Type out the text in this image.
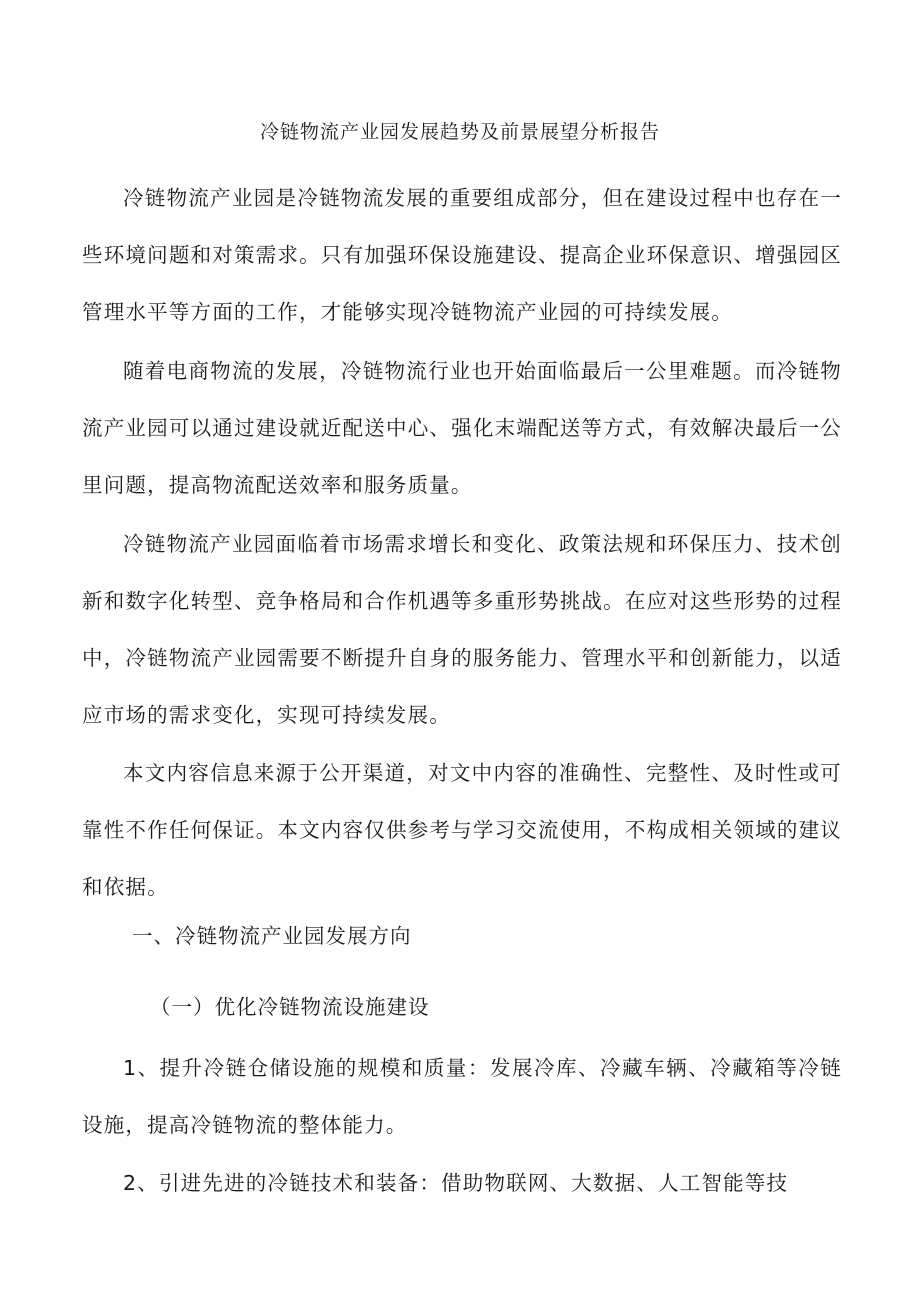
冷链物流产业园发展趋势及前景展望分析报告

冷链物流产业园是冷链物流发展的重要组成部分，但在建设过程中也存在一些环境问题和对策需求。只有加强环保设施建设、提高企业环保意识、增强园区管理水平等方面的工作，才能够实现冷链物流产业园的可持续发展。

随着电商物流的发展，冷链物流行业也开始面临最后一公里难题。而冷链物流产业园可以通过建设就近配送中心、强化末端配送等方式，有效解决最后一公里问题，提高物流配送效率和服务质量。

冷链物流产业园面临着市场需求增长和变化、政策法规和环保压力、技术创新和数字化转型、竞争格局和合作机遇等多重形势挑战。在应对这些形势的过程中，冷链物流产业园需要不断提升自身的服务能力、管理水平和创新能力，以适应市场的需求变化，实现可持续发展。

本文内容信息来源于公开渠道，对文中内容的准确性、完整性、及时性或可靠性不作任何保证。本文内容仅供参考与学习交流使用，不构成相关领域的建议和依据。

一、冷链物流产业园发展方向
（一）优化冷链物流设施建设

1、提升冷链仓储设施的规模和质量：发展冷库、冷藏车辆、冷藏箱等冷链设施，提高冷链物流的整体能力。

2、引进先进的冷链技术和装备：借助物联网、大数据、人工智能等技
